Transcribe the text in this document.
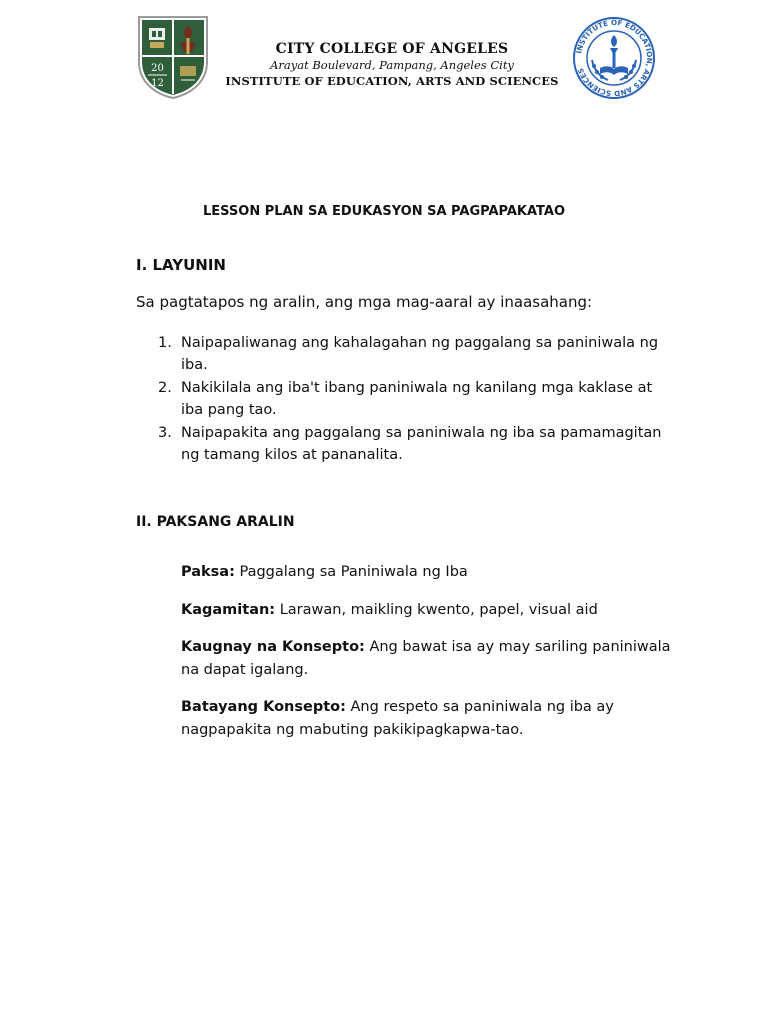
20
12
CITY COLLEGE OF ANGELES
Arayat Boulevard, Pampang, Angeles City
INSTITUTE OF EDUCATION, ARTS AND SCIENCES
INSTITUTE OF EDUCATION, ARTS AND SCIENCES
LESSON PLAN SA EDUKASYON SA PAGPAPAKATAO
I. LAYUNIN
Sa pagtatapos ng aralin, ang mga mag-aaral ay inaasahang:
1. Naipapaliwanag ang kahalagahan ng paggalang sa paniniwala ng iba.
2. Nakikilala ang iba't ibang paniniwala ng kanilang mga kaklase at iba pang tao.
3. Naipapakita ang paggalang sa paniniwala ng iba sa pamamagitan ng tamang kilos at pananalita.
II. PAKSANG ARALIN
Paksa: Paggalang sa Paniniwala ng Iba
Kagamitan: Larawan, maikling kwento, papel, visual aid
Kaugnay na Konsepto: Ang bawat isa ay may sariling paniniwala na dapat igalang.
Batayang Konsepto: Ang respeto sa paniniwala ng iba ay nagpapakita ng mabuting pakikipagkapwa-tao.
